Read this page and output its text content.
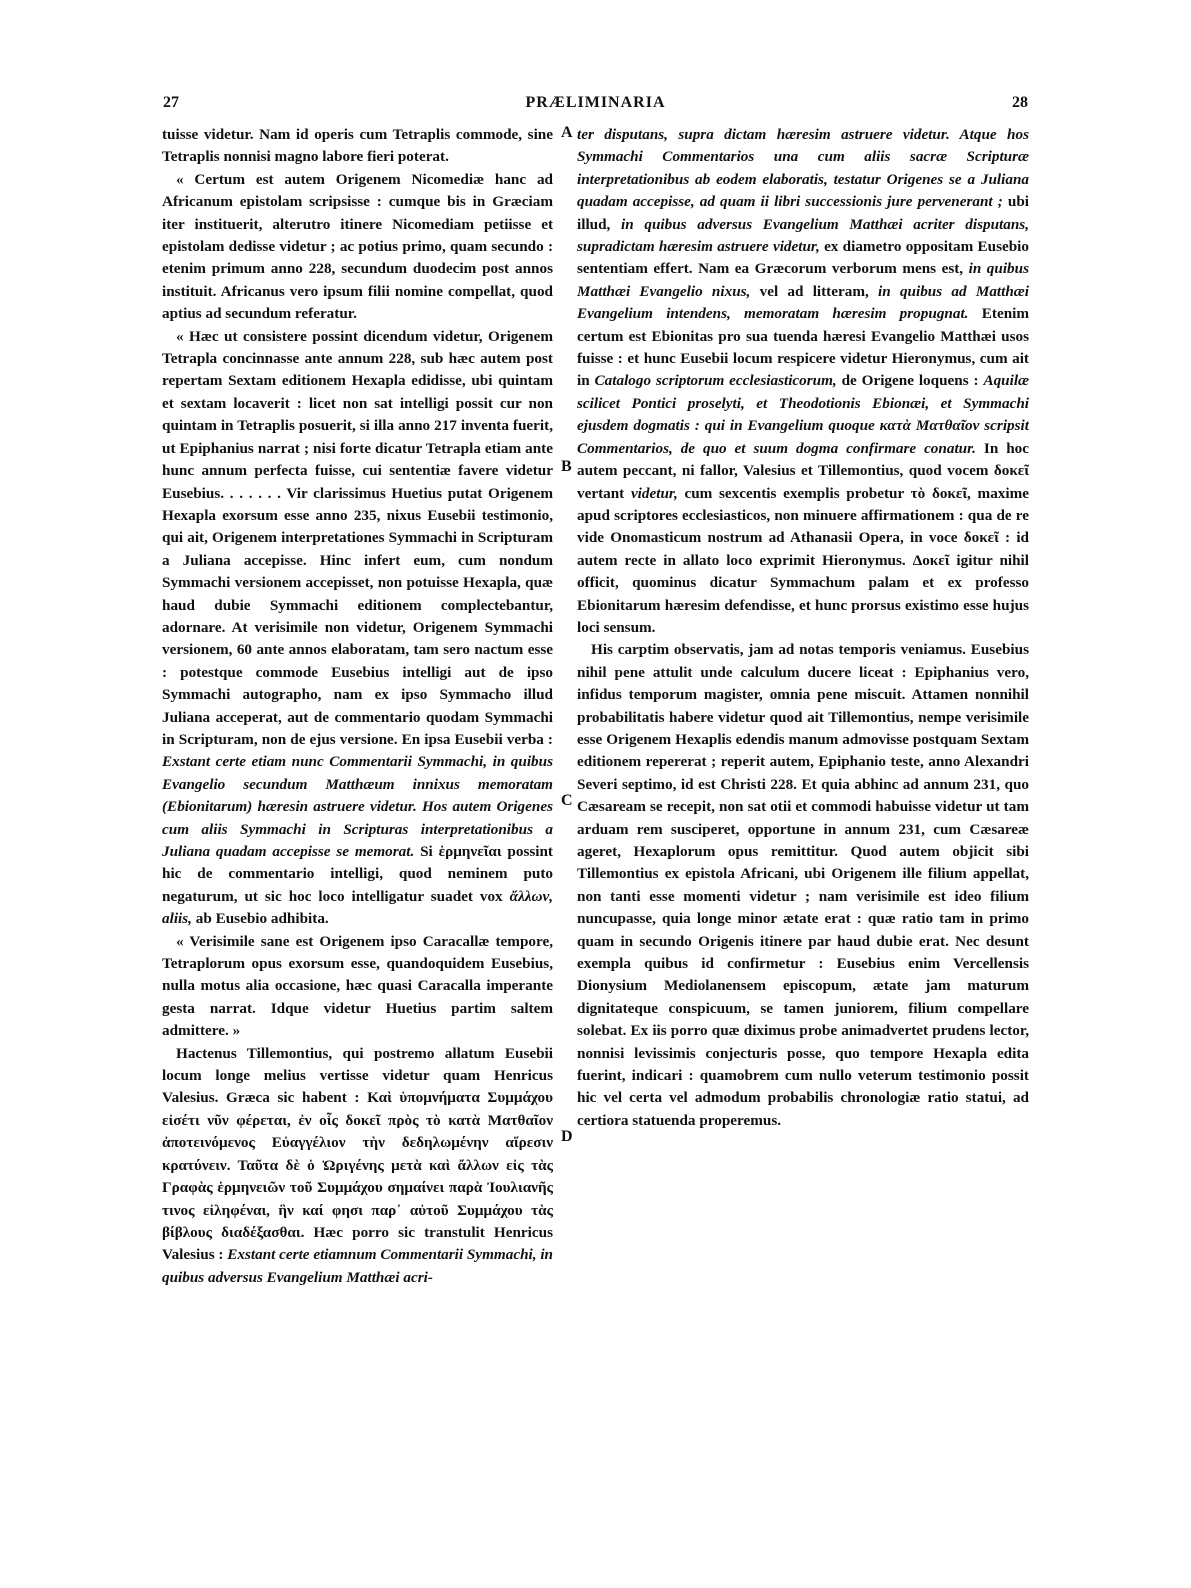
27	PRÆLIMINARIA	28
A
B
C
D

tuisse videtur. Nam id operis cum Tetraplis commode, sine Tetraplis nonnisi magno labore fieri poterat.

« Certum est autem Origenem Nicomediæ hanc ad Africanum epistolam scripsisse : cumque bis in Græciam iter instituerit, alterutro itinere Nicomediam petiisse et epistolam dedisse videtur ; ac potius primo, quam secundo : etenim primum anno 228, secundum duodecim post annos instituit. Africanus vero ipsum filii nomine compellat, quod aptius ad secundum referatur.

« Hæc ut consistere possint dicendum videtur, Origenem Tetrapla concinnasse ante annum 228, sub hæc autem post repertam Sextam editionem Hexapla edidisse, ubi quintam et sextam locaverit : licet non sat intelligi possit cur non quintam in Tetraplis posuerit, si illa anno 217 inventa fuerit, ut Epiphanius narrat ; nisi forte dicatur Tetrapla etiam ante hunc annum perfecta fuisse, cui sententiæ favere videtur Eusebius. . . . . . . Vir clarissimus Huetius putat Origenem Hexapla exorsum esse anno 235, nixus Eusebii testimonio, qui ait, Origenem interpretationes Symmachi in Scripturam a Juliana accepisse. Hinc infert eum, cum nondum Symmachi versionem accepisset, non potuisse Hexapla, quæ haud dubie Symmachi editionem complectebantur, adornare. At verisimile non videtur, Origenem Symmachi versionem, 60 ante annos elaboratam, tam sero nactum esse : potestque commode Eusebius intelligi aut de ipso Symmachi autographo, nam ex ipso Symmacho illud Juliana acceperat, aut de commentario quodam Symmachi in Scripturam, non de ejus versione. En ipsa Eusebii verba : Exstant certe etiam nunc Commentarii Symmachi, in quibus Evangelio secundum Matthæum innixus memoratam (Ebionitarum) hæresin astruere videtur. Hos autem Origenes cum aliis Symmachi in Scripturas interpretationibus a Juliana quadam accepisse se memorat. Si ἑρμηνεῖαι possint hic de commentario intelligi, quod neminem puto negaturum, ut sic hoc loco intelligatur suadet vox ἄλλων, aliis, ab Eusebio adhibita.

« Verisimile sane est Origenem ipso Caracallæ tempore, Tetraplorum opus exorsum esse, quandoquidem Eusebius, nulla motus alia occasione, hæc quasi Caracalla imperante gesta narrat. Idque videtur Huetius partim saltem admittere. »

Hactenus Tillemontius, qui postremo allatum Eusebii locum longe melius vertisse videtur quam Henricus Valesius. Græca sic habent : Καὶ ὑπομνήματα Συμμάχου εἰσέτι νῦν φέρεται, ἐν οἷς δοκεῖ πρὸς τὸ κατὰ Ματθαῖον ἀποτεινόμενος Εὐαγγέλιον τὴν δεδηλωμένην αἵρεσιν κρατύνειν. Ταῦτα δὲ ὁ Ὠριγένης μετὰ καὶ ἄλλων εἰς τὰς Γραφὰς ἑρμηνειῶν τοῦ Συμμάχου σημαίνει παρὰ Ἰουλιανῆς τινος εἰληφέναι, ἣν καί φησι παρ᾿ αὐτοῦ Συμμάχου τὰς βίβλους διαδέξασθαι. Hæc porro sic transtulit Henricus Valesius : Exstant certe etiamnum Commentarii Symmachi, in quibus adversus Evangelium Matthæi acri-

ter disputans, supra dictam hæresim astruere videtur. Atque hos Symmachi Commentarios una cum aliis sacræ Scripturæ interpretationibus ab eodem elaboratis, testatur Origenes se a Juliana quadam accepisse, ad quam ii libri successionis jure pervenerant ; ubi illud, in quibus adversus Evangelium Matthæi acriter disputans, supradictam hæresim astruere videtur, ex diametro oppositam Eusebio sententiam effert. Nam ea Græcorum verborum mens est, in quibus Matthæi Evangelio nixus, vel ad litteram, in quibus ad Matthæi Evangelium intendens, memoratam hæresim propugnat. Etenim certum est Ebionitas pro sua tuenda hæresi Evangelio Matthæi usos fuisse : et hunc Eusebii locum respicere videtur Hieronymus, cum ait in Catalogo scriptorum ecclesiasticorum, de Origene loquens : Aquilæ scilicet Pontici proselyti, et Theodotionis Ebionæi, et Symmachi ejusdem dogmatis : qui in Evangelium quoque κατὰ Ματθαῖον scripsit Commentarios, de quo et suum dogma confirmare conatur. In hoc autem peccant, ni fallor, Valesius et Tillemontius, quod vocem δοκεῖ vertant videtur, cum sexcentis exemplis probetur τὸ δοκεῖ, maxime apud scriptores ecclesiasticos, non minuere affirmationem : qua de re vide Onomasticum nostrum ad Athanasii Opera, in voce δοκεῖ : id autem recte in allato loco exprimit Hieronymus. Δοκεῖ igitur nihil officit, quominus dicatur Symmachum palam et ex professo Ebionitarum hæresim defendisse, et hunc prorsus existimo esse hujus loci sensum.

His carptim observatis, jam ad notas temporis veniamus. Eusebius nihil pene attulit unde calculum ducere liceat : Epiphanius vero, infidus temporum magister, omnia pene miscuit. Attamen nonnihil probabilitatis habere videtur quod ait Tillemontius, nempe verisimile esse Origenem Hexaplis edendis manum admovisse postquam Sextam editionem repererat ; reperit autem, Epiphanio teste, anno Alexandri Severi septimo, id est Christi 228. Et quia abhinc ad annum 231, quo Cæsaream se recepit, non sat otii et commodi habuisse videtur ut tam arduam rem susciperet, opportune in annum 231, cum Cæsareæ ageret, Hexaplorum opus remittitur. Quod autem objicit sibi Tillemontius ex epistola Africani, ubi Origenem ille filium appellat, non tanti esse momenti videtur ; nam verisimile est ideo filium nuncupasse, quia longe minor ætate erat : quæ ratio tam in primo quam in secundo Origenis itinere par haud dubie erat. Nec desunt exempla quibus id confirmetur : Eusebius enim Vercellensis Dionysium Mediolanensem episcopum, ætate jam maturum dignitateque conspicuum, se tamen juniorem, filium compellare solebat. Ex iis porro quæ diximus probe animadvertet prudens lector, nonnisi levissimis conjecturis posse, quo tempore Hexapla edita fuerint, indicari : quamobrem cum nullo veterum testimonio possit hic vel certa vel admodum probabilis chronologiæ ratio statui, ad certiora statuenda properemus.
